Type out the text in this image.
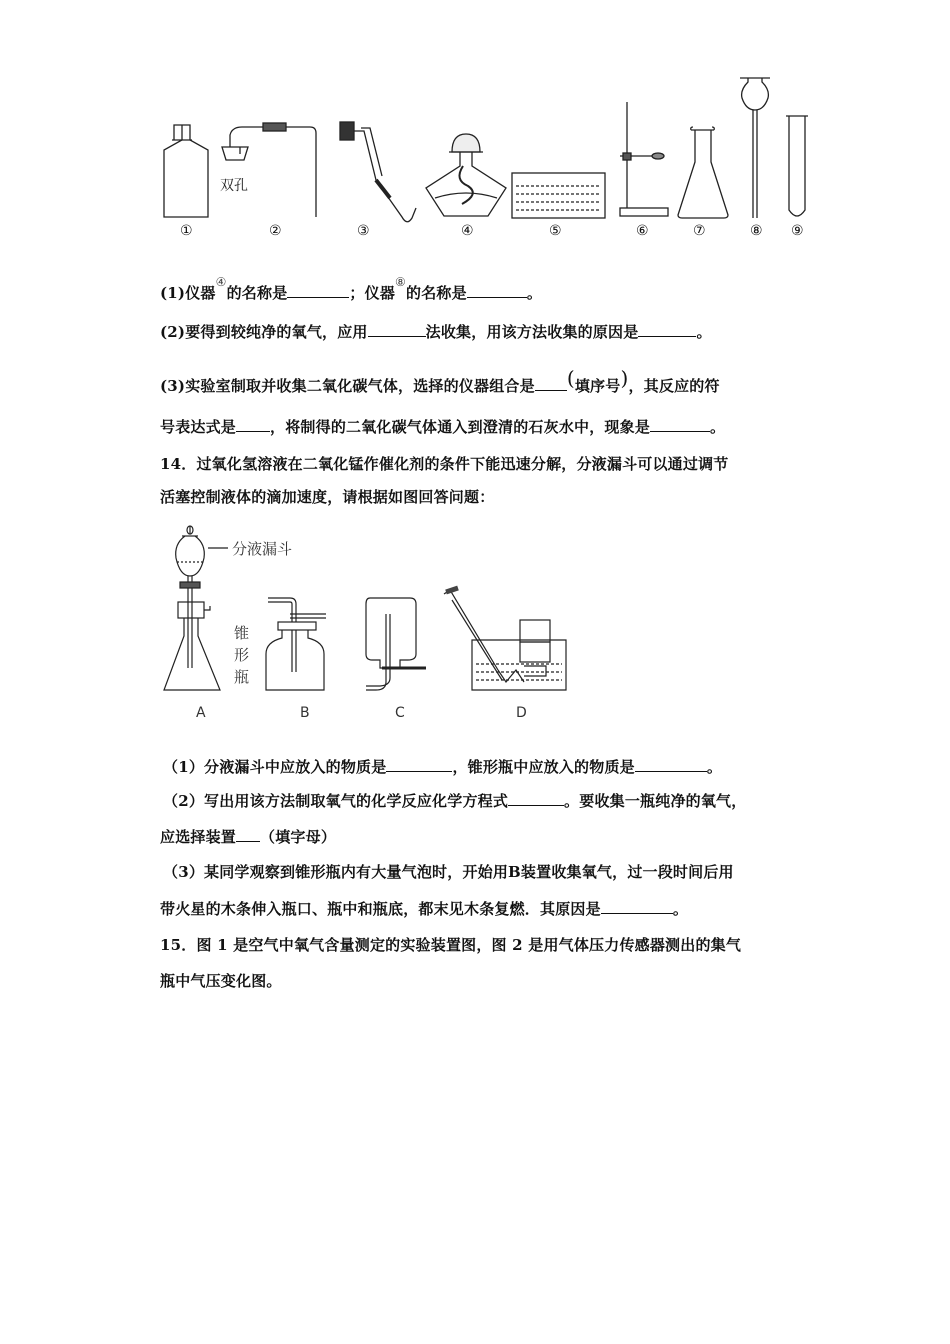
双孔
①	②	③	④	⑤	⑥	⑦	⑧ ⑨
(1)仪器④的名称是	；仪器⑧的名称是	。
(2)要得到较纯净的氧气，应用	法收集，用该方法收集的原因是	。
(3)实验室制取并收集二氧化碳气体，选择的仪器组合是 (填序号)，其反应的符
号表达式是 ，将制得的二氧化碳气体通入到澄清的石灰水中，现象是	。
14．过氧化氢溶液在二氧化锰作催化剂的条件下能迅速分解，分液漏斗可以通过调节
活塞控制液体的滴加速度，请根据如图回答问题：
分液漏斗
锥
形
瓶
A	B	C	D
（1）分液漏斗中应放入的物质是	，锥形瓶中应放入的物质是	。
（2）写出用该方法制取氧气的化学反应化学方程式	。要收集一瓶纯净的氧气，
应选择装置 （填字母）
（3）某同学观察到锥形瓶内有大量气泡时，开始用B装置收集氧气，过一段时间后用
带火星的木条伸入瓶口、瓶中和瓶底，都末见木条复燃．其原因是	。
15．图 1 是空气中氧气含量测定的实验装置图，图 2 是用气体压力传感器测出的集气
瓶中气压变化图。
